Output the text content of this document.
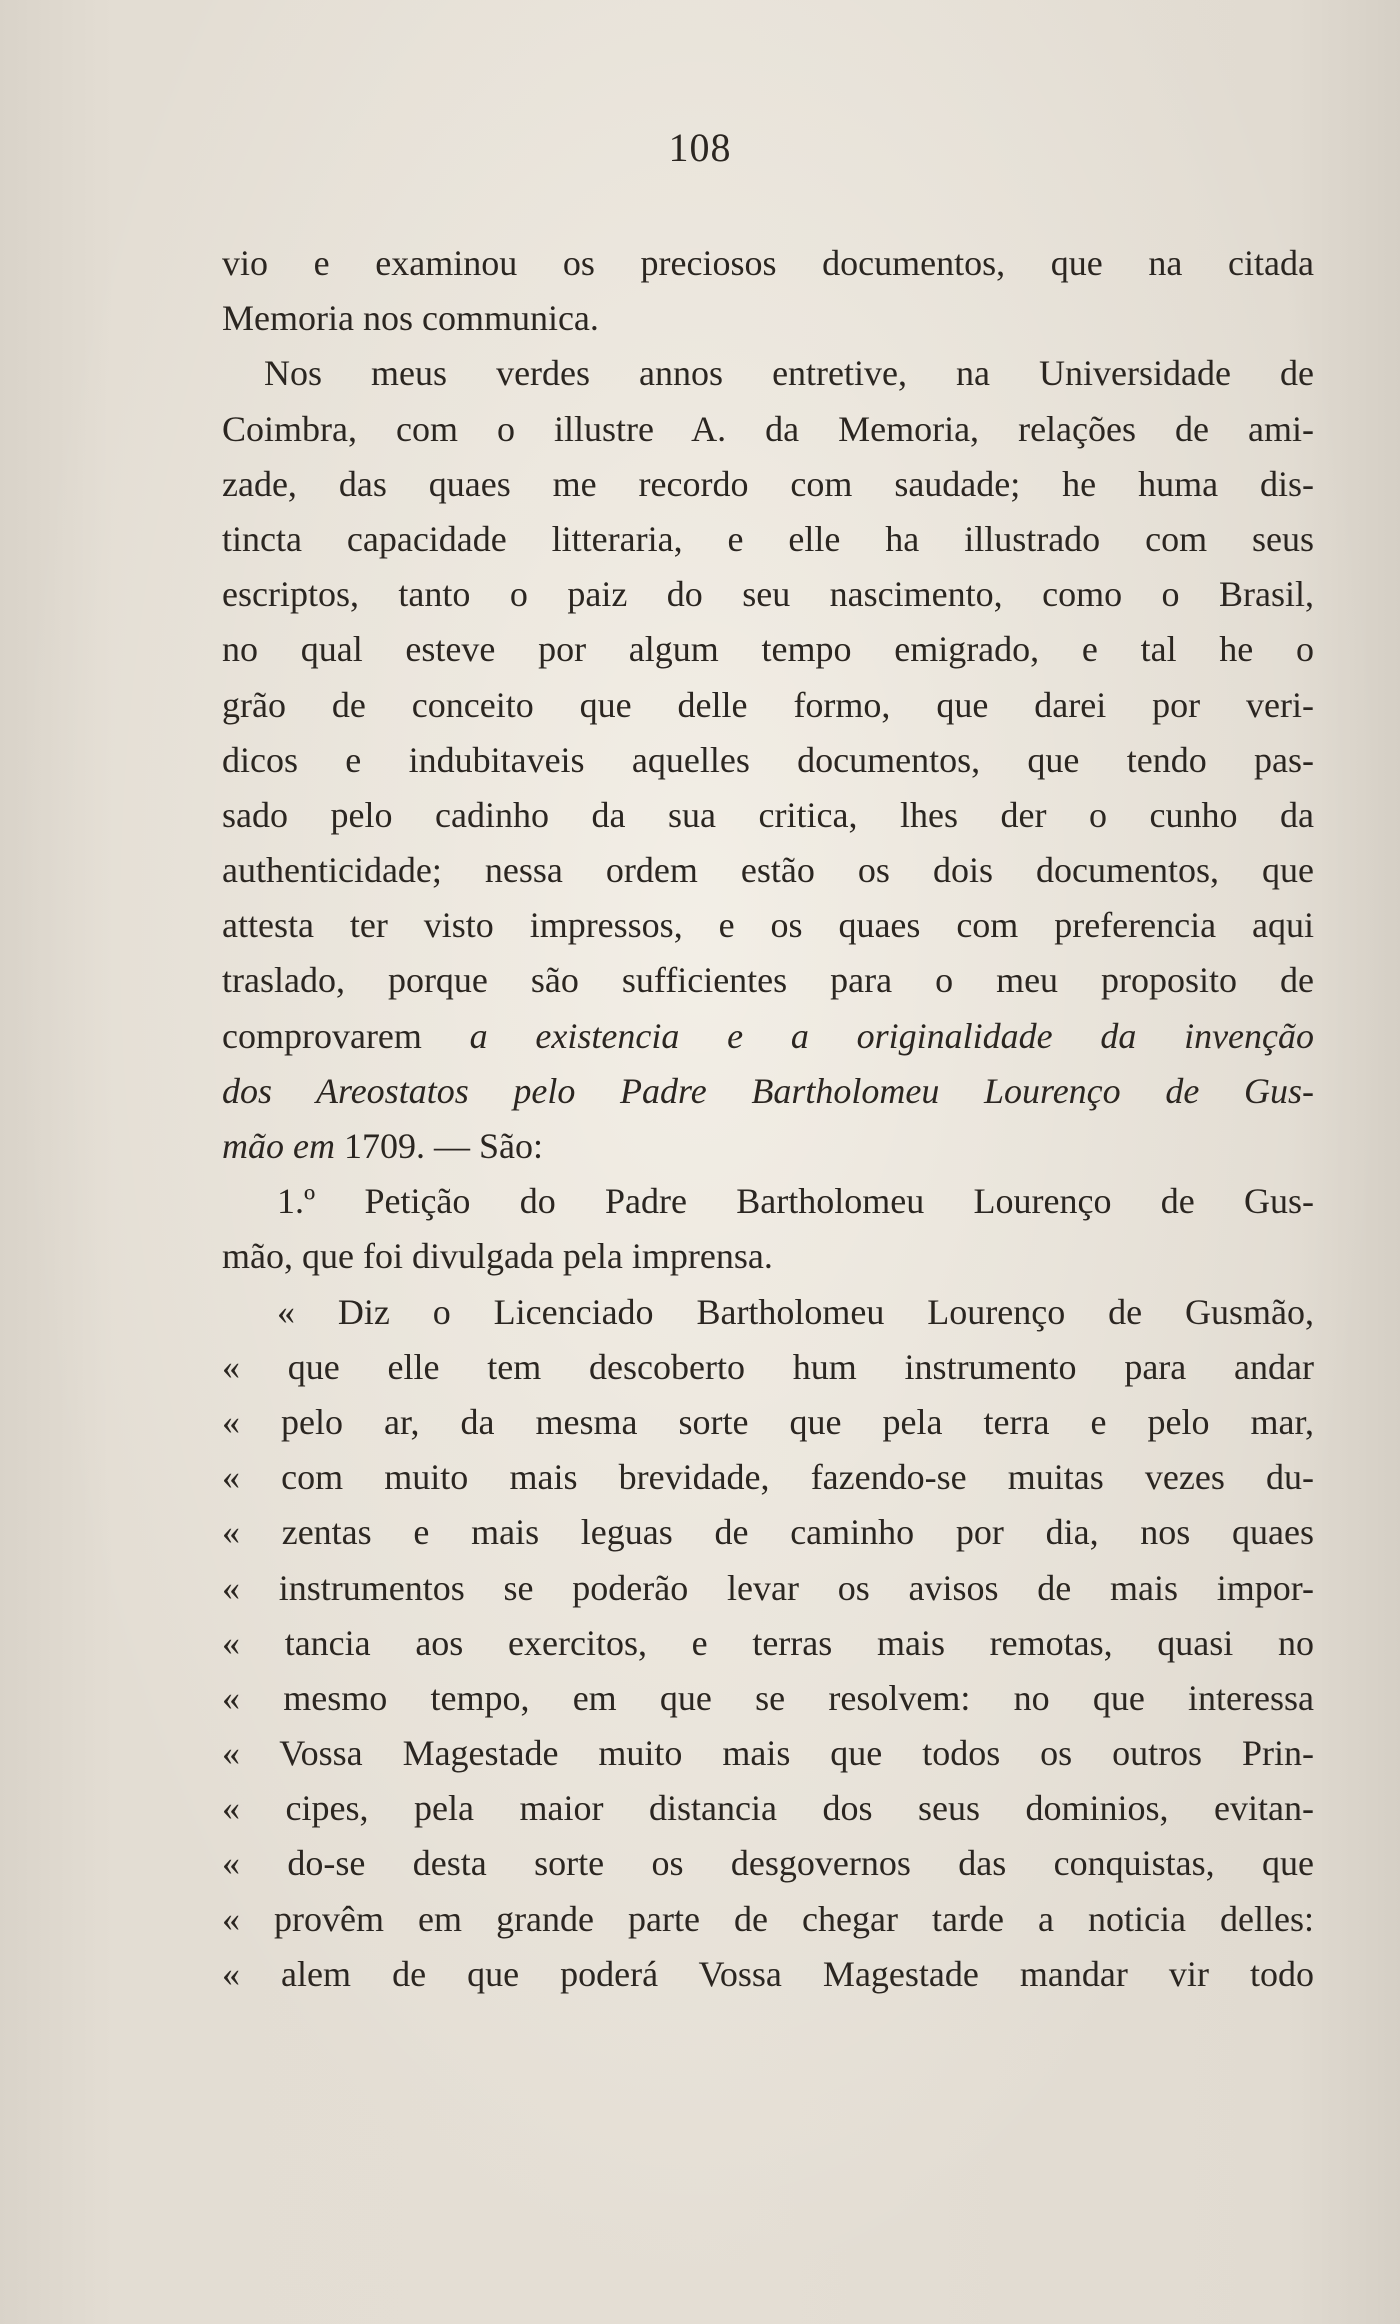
108
vio e examinou os preciosos documentos, que na citada
Memoria nos communica.
Nos meus verdes annos entretive, na Universidade de
Coimbra, com o illustre A. da Memoria, relações de ami-
zade, das quaes me recordo com saudade; he huma dis-
tincta capacidade litteraria, e elle ha illustrado com seus
escriptos, tanto o paiz do seu nascimento, como o Brasil,
no qual esteve por algum tempo emigrado, e tal he o
grão de conceito que delle formo, que darei por veri-
dicos e indubitaveis aquelles documentos, que tendo pas-
sado pelo cadinho da sua critica, lhes der o cunho da
authenticidade; nessa ordem estão os dois documentos, que
attesta ter visto impressos, e os quaes com preferencia aqui
traslado, porque são sufficientes para o meu proposito de
comprovarem a existencia e a originalidade da invenção
dos Areostatos pelo Padre Bartholomeu Lourenço de Gus-
mão em 1709. — São:
1.º Petição do Padre Bartholomeu Lourenço de Gus-
mão, que foi divulgada pela imprensa.
« Diz o Licenciado Bartholomeu Lourenço de Gusmão,
« que elle tem descoberto hum instrumento para andar
« pelo ar, da mesma sorte que pela terra e pelo mar,
« com muito mais brevidade, fazendo-se muitas vezes du-
« zentas e mais leguas de caminho por dia, nos quaes
« instrumentos se poderão levar os avisos de mais impor-
« tancia aos exercitos, e terras mais remotas, quasi no
« mesmo tempo, em que se resolvem: no que interessa
« Vossa Magestade muito mais que todos os outros Prin-
« cipes, pela maior distancia dos seus dominios, evitan-
« do-se desta sorte os desgovernos das conquistas, que
« provêm em grande parte de chegar tarde a noticia delles:
« alem de que poderá Vossa Magestade mandar vir todo
